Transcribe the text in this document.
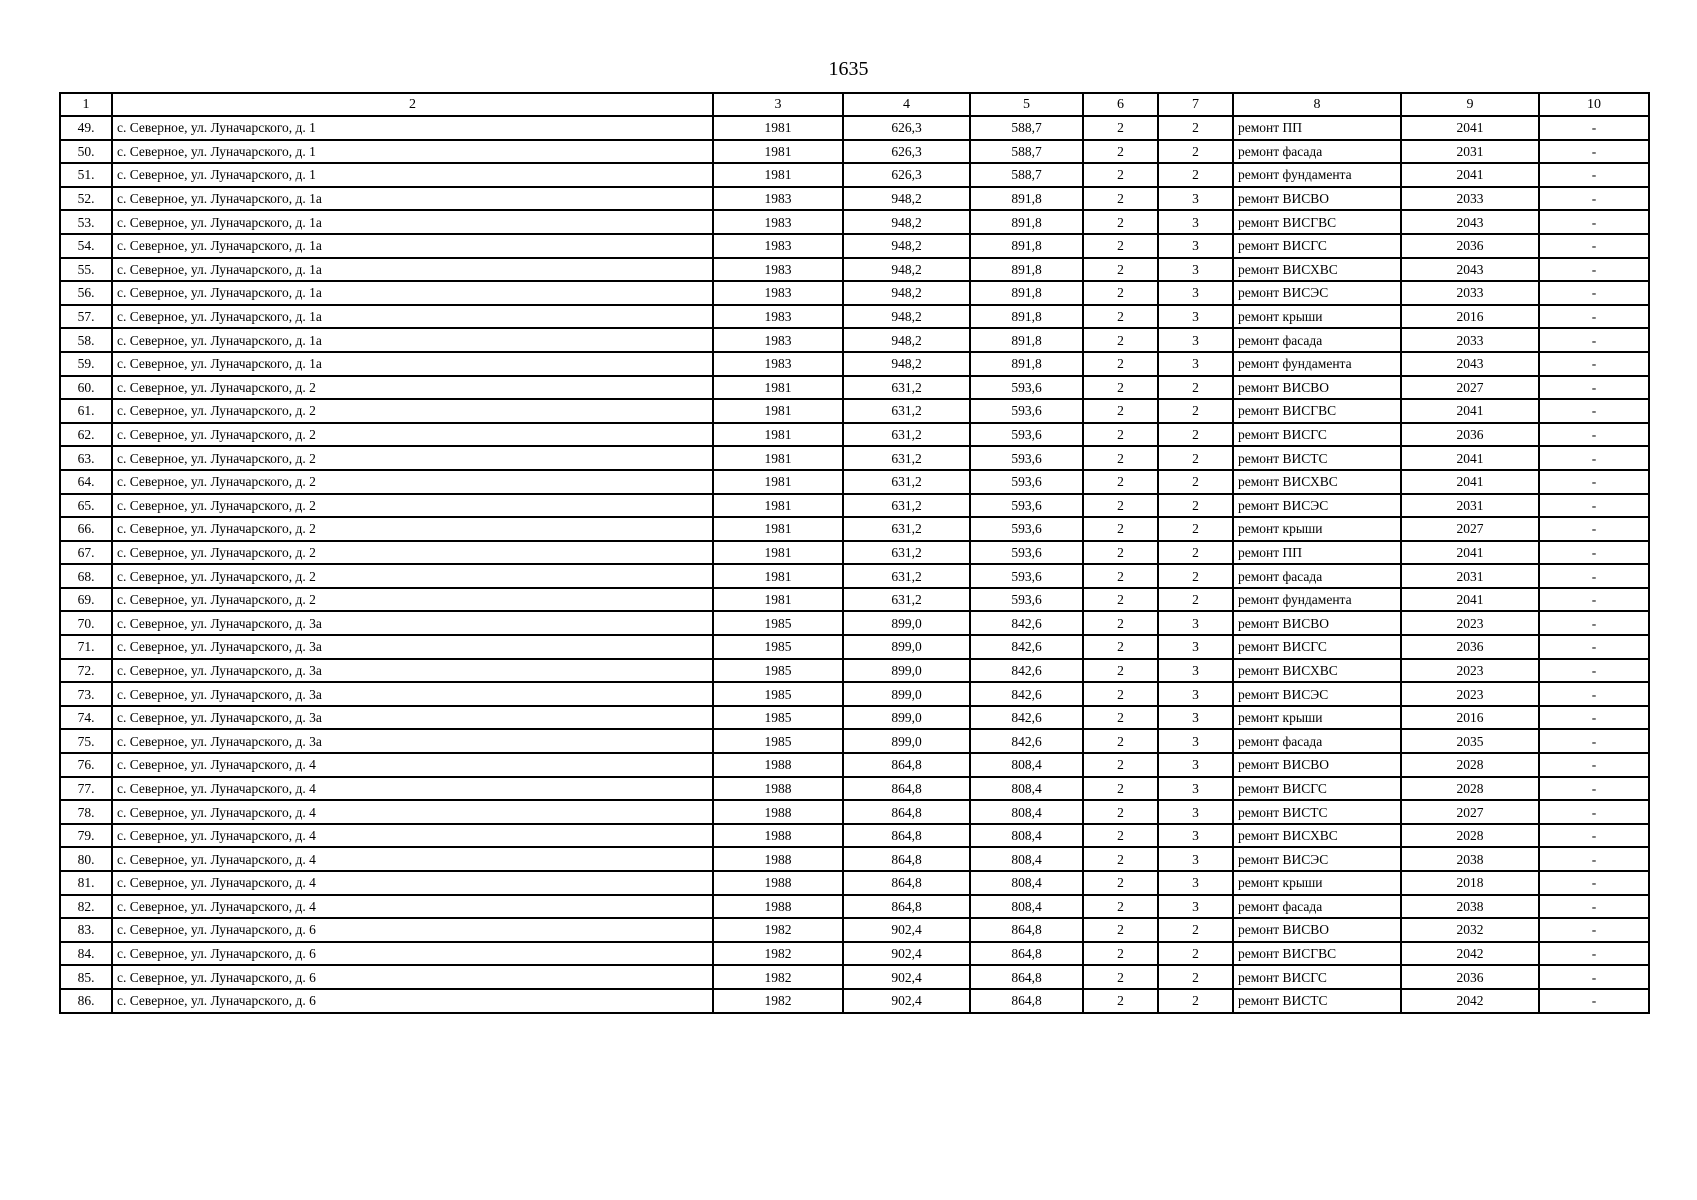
1635
1	2	3	4	5	6	7	8	9	10
49.	с. Северное, ул. Луначарского, д. 1	1981	626,3	588,7	2	2	ремонт ПП	2041	-
50.	с. Северное, ул. Луначарского, д. 1	1981	626,3	588,7	2	2	ремонт фасада	2031	-
51.	с. Северное, ул. Луначарского, д. 1	1981	626,3	588,7	2	2	ремонт фундамента	2041	-
52.	с. Северное, ул. Луначарского, д. 1а	1983	948,2	891,8	2	3	ремонт ВИСВО	2033	-
53.	с. Северное, ул. Луначарского, д. 1а	1983	948,2	891,8	2	3	ремонт ВИСГВС	2043	-
54.	с. Северное, ул. Луначарского, д. 1а	1983	948,2	891,8	2	3	ремонт ВИСГС	2036	-
55.	с. Северное, ул. Луначарского, д. 1а	1983	948,2	891,8	2	3	ремонт ВИСХВС	2043	-
56.	с. Северное, ул. Луначарского, д. 1а	1983	948,2	891,8	2	3	ремонт ВИСЭС	2033	-
57.	с. Северное, ул. Луначарского, д. 1а	1983	948,2	891,8	2	3	ремонт крыши	2016	-
58.	с. Северное, ул. Луначарского, д. 1а	1983	948,2	891,8	2	3	ремонт фасада	2033	-
59.	с. Северное, ул. Луначарского, д. 1а	1983	948,2	891,8	2	3	ремонт фундамента	2043	-
60.	с. Северное, ул. Луначарского, д. 2	1981	631,2	593,6	2	2	ремонт ВИСВО	2027	-
61.	с. Северное, ул. Луначарского, д. 2	1981	631,2	593,6	2	2	ремонт ВИСГВС	2041	-
62.	с. Северное, ул. Луначарского, д. 2	1981	631,2	593,6	2	2	ремонт ВИСГС	2036	-
63.	с. Северное, ул. Луначарского, д. 2	1981	631,2	593,6	2	2	ремонт ВИСТС	2041	-
64.	с. Северное, ул. Луначарского, д. 2	1981	631,2	593,6	2	2	ремонт ВИСХВС	2041	-
65.	с. Северное, ул. Луначарского, д. 2	1981	631,2	593,6	2	2	ремонт ВИСЭС	2031	-
66.	с. Северное, ул. Луначарского, д. 2	1981	631,2	593,6	2	2	ремонт крыши	2027	-
67.	с. Северное, ул. Луначарского, д. 2	1981	631,2	593,6	2	2	ремонт ПП	2041	-
68.	с. Северное, ул. Луначарского, д. 2	1981	631,2	593,6	2	2	ремонт фасада	2031	-
69.	с. Северное, ул. Луначарского, д. 2	1981	631,2	593,6	2	2	ремонт фундамента	2041	-
70.	с. Северное, ул. Луначарского, д. 3а	1985	899,0	842,6	2	3	ремонт ВИСВО	2023	-
71.	с. Северное, ул. Луначарского, д. 3а	1985	899,0	842,6	2	3	ремонт ВИСГС	2036	-
72.	с. Северное, ул. Луначарского, д. 3а	1985	899,0	842,6	2	3	ремонт ВИСХВС	2023	-
73.	с. Северное, ул. Луначарского, д. 3а	1985	899,0	842,6	2	3	ремонт ВИСЭС	2023	-
74.	с. Северное, ул. Луначарского, д. 3а	1985	899,0	842,6	2	3	ремонт крыши	2016	-
75.	с. Северное, ул. Луначарского, д. 3а	1985	899,0	842,6	2	3	ремонт фасада	2035	-
76.	с. Северное, ул. Луначарского, д. 4	1988	864,8	808,4	2	3	ремонт ВИСВО	2028	-
77.	с. Северное, ул. Луначарского, д. 4	1988	864,8	808,4	2	3	ремонт ВИСГС	2028	-
78.	с. Северное, ул. Луначарского, д. 4	1988	864,8	808,4	2	3	ремонт ВИСТС	2027	-
79.	с. Северное, ул. Луначарского, д. 4	1988	864,8	808,4	2	3	ремонт ВИСХВС	2028	-
80.	с. Северное, ул. Луначарского, д. 4	1988	864,8	808,4	2	3	ремонт ВИСЭС	2038	-
81.	с. Северное, ул. Луначарского, д. 4	1988	864,8	808,4	2	3	ремонт крыши	2018	-
82.	с. Северное, ул. Луначарского, д. 4	1988	864,8	808,4	2	3	ремонт фасада	2038	-
83.	с. Северное, ул. Луначарского, д. 6	1982	902,4	864,8	2	2	ремонт ВИСВО	2032	-
84.	с. Северное, ул. Луначарского, д. 6	1982	902,4	864,8	2	2	ремонт ВИСГВС	2042	-
85.	с. Северное, ул. Луначарского, д. 6	1982	902,4	864,8	2	2	ремонт ВИСГС	2036	-
86.	с. Северное, ул. Луначарского, д. 6	1982	902,4	864,8	2	2	ремонт ВИСТС	2042	-
